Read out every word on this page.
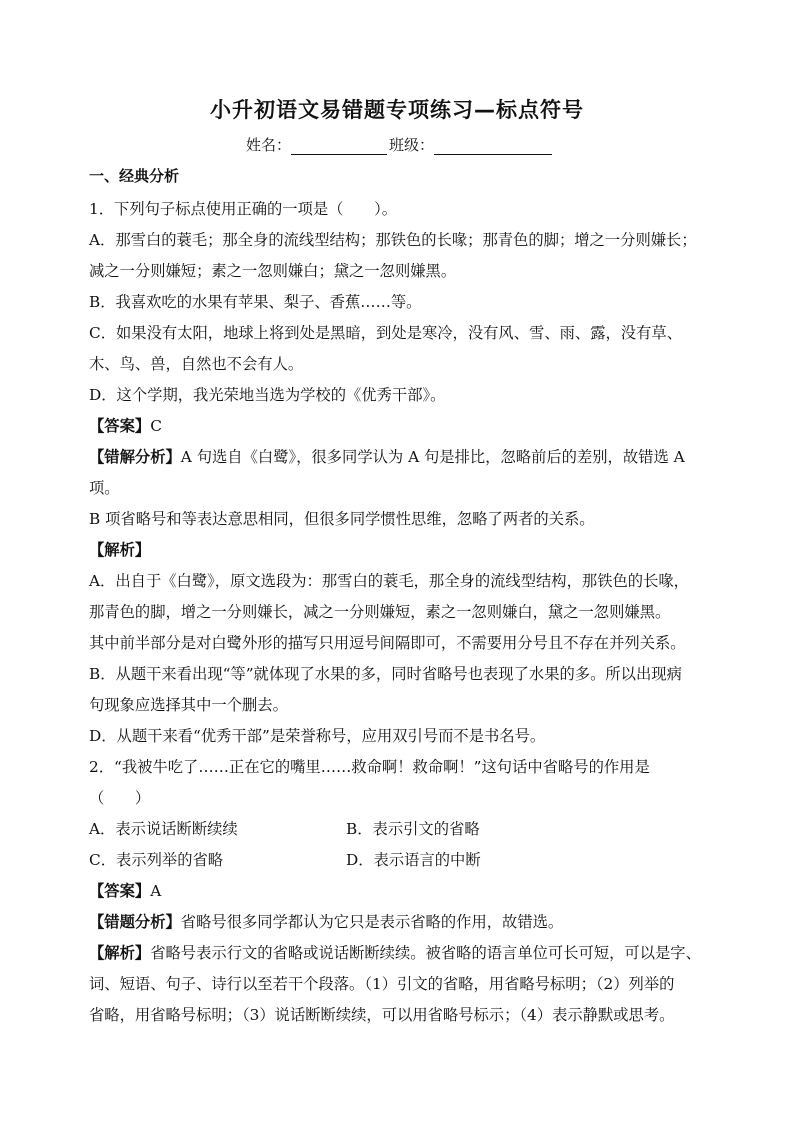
小升初语文易错题专项练习—标点符号
姓名：	班级：
一、经典分析
1．下列句子标点使用正确的一项是（　　）。
A．那雪白的蓑毛；那全身的流线型结构；那铁色的长喙；那青色的脚；增之一分则嫌长；
减之一分则嫌短；素之一忽则嫌白；黛之一忽则嫌黑。
B．我喜欢吃的水果有苹果、梨子、香蕉……等。
C．如果没有太阳，地球上将到处是黑暗，到处是寒冷，没有风、雪、雨、露，没有草、
木、鸟、兽，自然也不会有人。
D．这个学期，我光荣地当选为学校的《优秀干部》。
【答案】C
【错解分析】A 句选自《白鹭》，很多同学认为 A 句是排比，忽略前后的差别，故错选 A
项。
B 项省略号和等表达意思相同，但很多同学惯性思维，忽略了两者的关系。
【解析】
A．出自于《白鹭》，原文选段为：那雪白的蓑毛，那全身的流线型结构，那铁色的长喙，
那青色的脚，增之一分则嫌长，减之一分则嫌短，素之一忽则嫌白，黛之一忽则嫌黑。
其中前半部分是对白鹭外形的描写只用逗号间隔即可，不需要用分号且不存在并列关系。
B．从题干来看出现“等”就体现了水果的多，同时省略号也表现了水果的多。所以出现病
句现象应选择其中一个删去。
D．从题干来看“优秀干部”是荣誉称号，应用双引号而不是书名号。
2．“我被牛吃了……正在它的嘴里……救命啊！救命啊！”这句话中省略号的作用是
（　　）
A．表示说话断断续续	B．表示引文的省略
C．表示列举的省略	D．表示语言的中断
【答案】A
【错题分析】省略号很多同学都认为它只是表示省略的作用，故错选。
【解析】省略号表示行文的省略或说话断断续续。被省略的语言单位可长可短，可以是字、
词、短语、句子、诗行以至若干个段落。（1）引文的省略，用省略号标明；（2）列举的
省略，用省略号标明；（3）说话断断续续，可以用省略号标示；（4）表示静默或思考。
